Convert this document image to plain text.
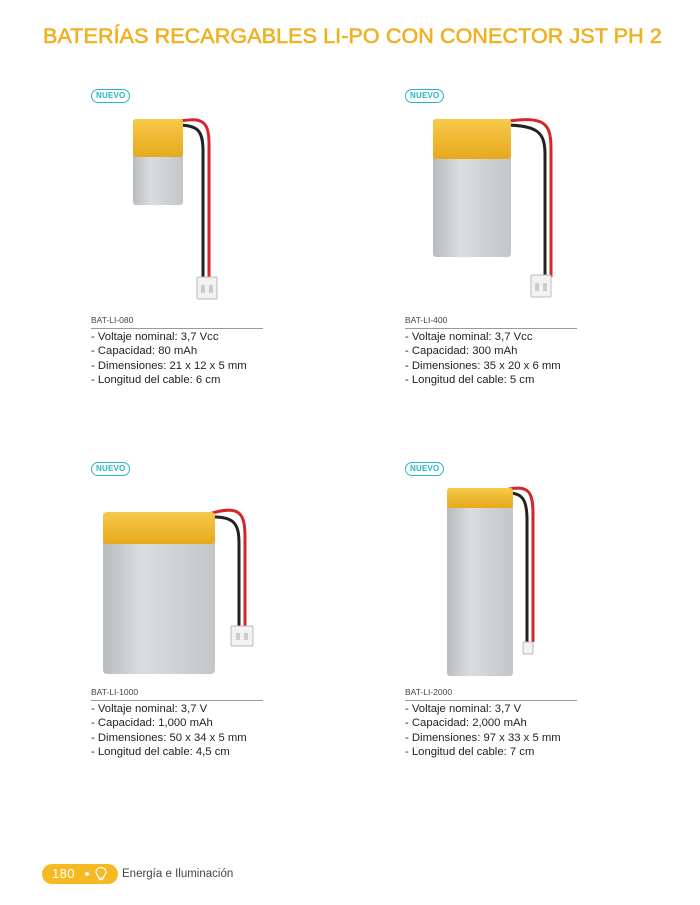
BATERÍAS RECARGABLES LI-PO CON CONECTOR JST PH 2
NUEVO
BAT-LI-080
- Voltaje nominal: 3,7 Vcc
- Capacidad: 80 mAh
- Dimensiones: 21 x 12 x 5 mm
- Longitud del cable: 6 cm
NUEVO
BAT-LI-400
- Voltaje nominal: 3,7 Vcc
- Capacidad: 300 mAh
- Dimensiones: 35 x 20 x 6 mm
- Longitud del cable: 5 cm
NUEVO
BAT-LI-1000
- Voltaje nominal: 3,7 V
- Capacidad: 1,000 mAh
- Dimensiones: 50 x 34 x 5 mm
- Longitud del cable: 4,5 cm
NUEVO
BAT-LI-2000
- Voltaje nominal: 3,7 V
- Capacidad: 2,000 mAh
- Dimensiones: 97 x 33 x 5 mm
- Longitud del cable: 7 cm
180	Energía e Iluminación
